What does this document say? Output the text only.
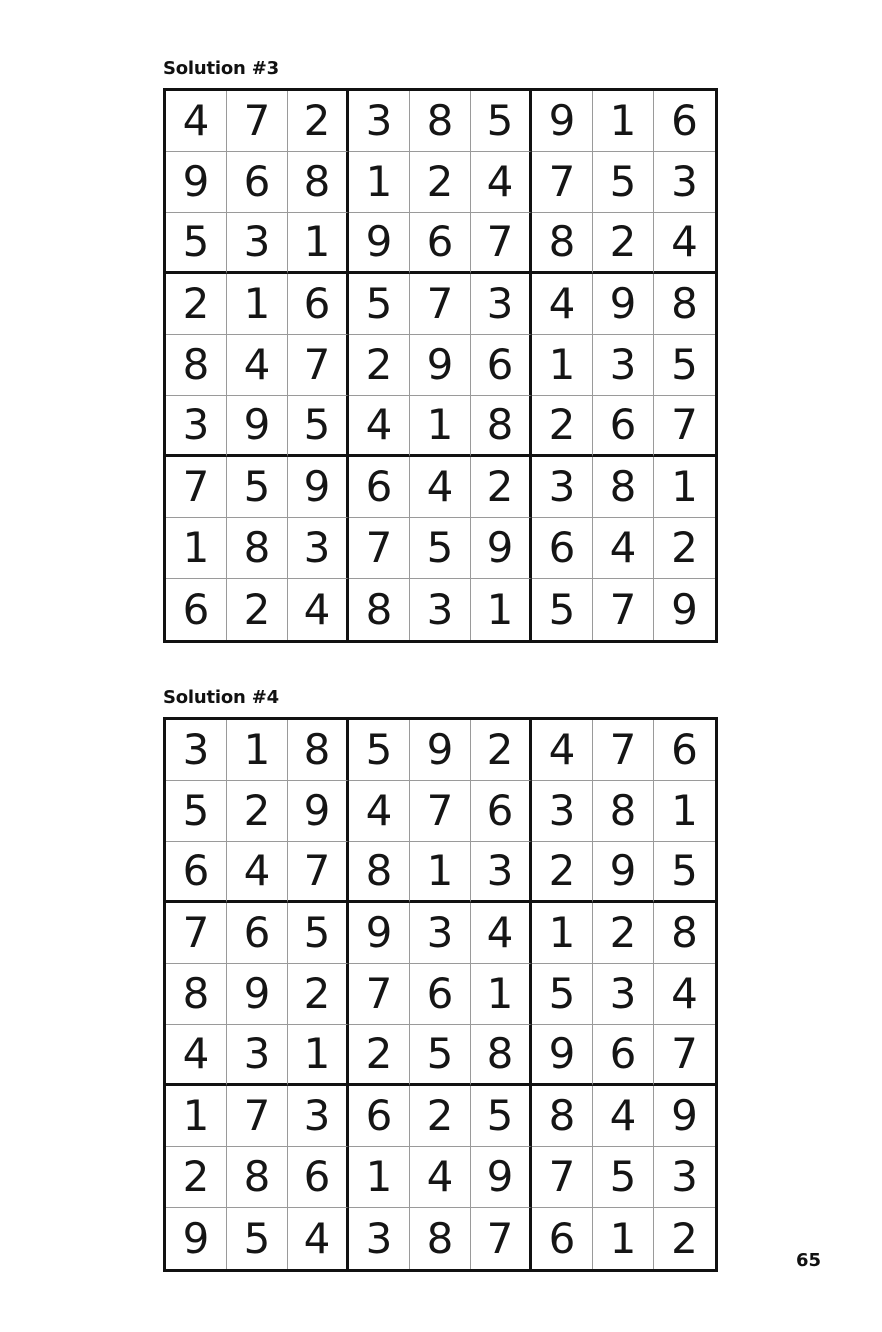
Solution #3
4 7 2 3 8 5 9 1 6
9 6 8 1 2 4 7 5 3
5 3 1 9 6 7 8 2 4
2 1 6 5 7 3 4 9 8
8 4 7 2 9 6 1 3 5
3 9 5 4 1 8 2 6 7
7 5 9 6 4 2 3 8 1
1 8 3 7 5 9 6 4 2
6 2 4 8 3 1 5 7 9
Solution #4
3 1 8 5 9 2 4 7 6
5 2 9 4 7 6 3 8 1
6 4 7 8 1 3 2 9 5
7 6 5 9 3 4 1 2 8
8 9 2 7 6 1 5 3 4
4 3 1 2 5 8 9 6 7
1 7 3 6 2 5 8 4 9
2 8 6 1 4 9 7 5 3
9 5 4 3 8 7 6 1 2	65
